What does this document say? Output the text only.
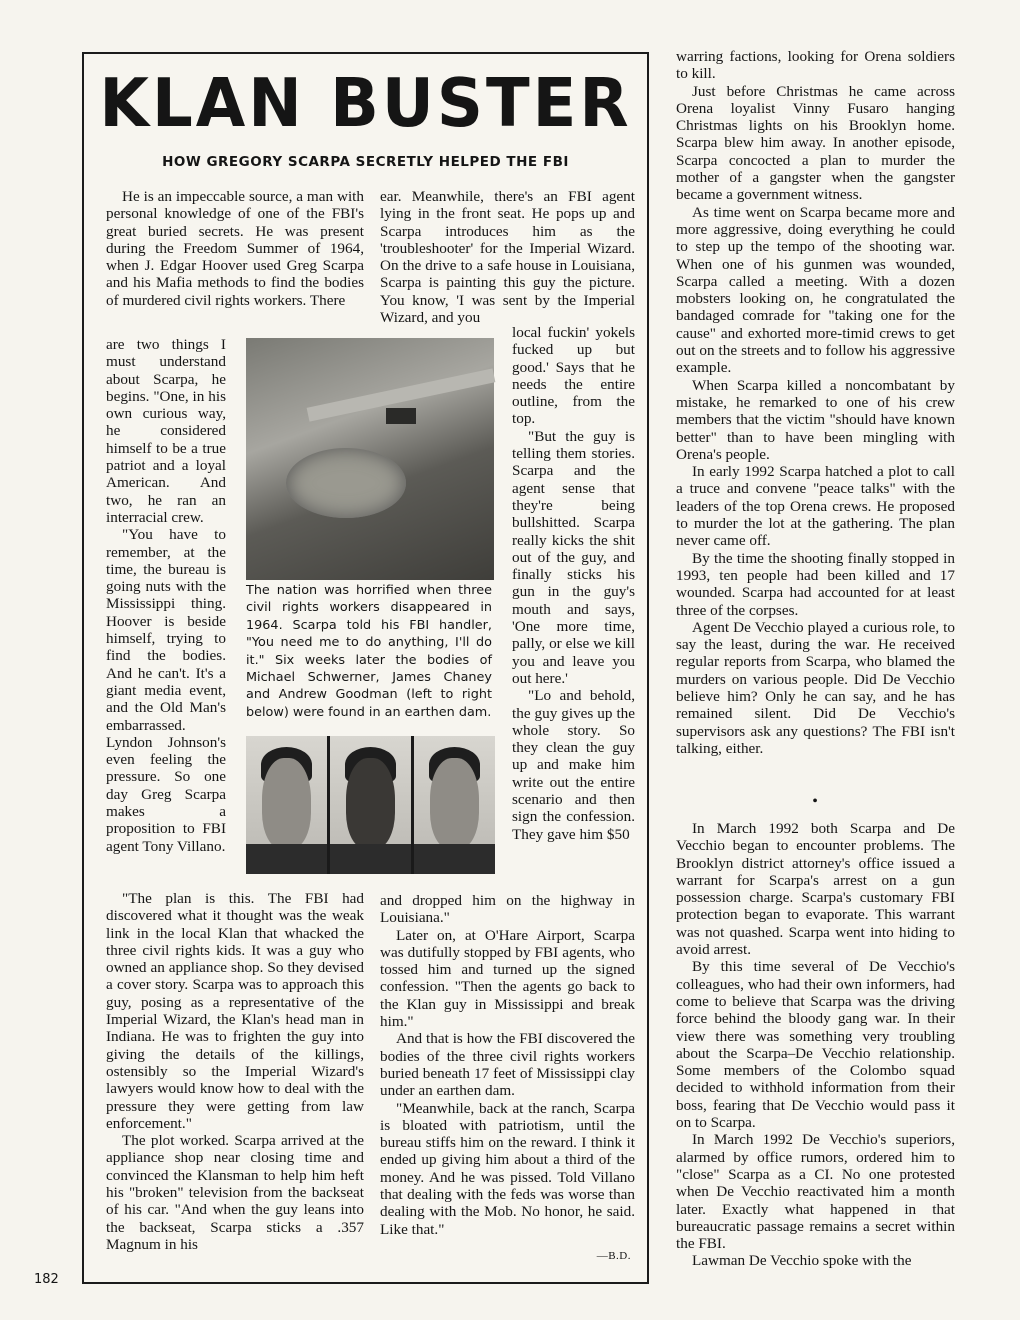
KLAN BUSTER
HOW GREGORY SCARPA SECRETLY HELPED THE FBI

He is an impeccable source, a man with personal knowledge of one of the FBI's great buried secrets. He was present during the Freedom Summer of 1964, when J. Edgar Hoover used Greg Scarpa and his Mafia methods to find the bodies of murdered civil rights workers. There

are two things I must understand about Scarpa, he begins. "One, in his own curious way, he considered himself to be a true patriot and a loyal American. And two, he ran an interracial crew.

"You have to remember, at the time, the bureau is going nuts with the Mississippi thing. Hoover is beside himself, trying to find the bodies. And he can't. It's a giant media event, and the Old Man's embarrassed. Lyndon Johnson's even feeling the pressure. So one day Greg Scarpa makes a proposition to FBI agent Tony Villano.

"The plan is this. The FBI had discovered what it thought was the weak link in the local Klan that whacked the three civil rights kids. It was a guy who owned an appliance shop. So they devised a cover story. Scarpa was to approach this guy, posing as a representative of the Imperial Wizard, the Klan's head man in Indiana. He was to frighten the guy into giving the details of the killings, ostensibly so the Imperial Wizard's lawyers would know how to deal with the pressure they were getting from law enforcement."

The plot worked. Scarpa arrived at the appliance shop near closing time and convinced the Klansman to help him heft his "broken" television from the backseat of his car. "And when the guy leans into the backseat, Scarpa sticks a .357 Magnum in his

ear. Meanwhile, there's an FBI agent lying in the front seat. He pops up and Scarpa introduces him as the 'troubleshooter' for the Imperial Wizard. On the drive to a safe house in Louisiana, Scarpa is painting this guy the picture. You know, 'I was sent by the Imperial Wizard, and you

local fuckin' yokels fucked up but good.' Says that he needs the entire outline, from the top.

"But the guy is telling them stories. Scarpa and the agent sense that they're being bullshitted. Scarpa really kicks the shit out of the guy, and finally sticks his gun in the guy's mouth and says, 'One more time, pally, or else we kill you and leave you out here.'

"Lo and behold, the guy gives up the whole story. So they clean the guy up and make him write out the entire scenario and then sign the confession. They gave him $50

and dropped him on the highway in Louisiana."

Later on, at O'Hare Airport, Scarpa was dutifully stopped by FBI agents, who tossed him and turned up the signed confession. "Then the agents go back to the Klan guy in Mississippi and break him."

And that is how the FBI discovered the bodies of the three civil rights workers buried beneath 17 feet of Mississippi clay under an earthen dam.

"Meanwhile, back at the ranch, Scarpa is bloated with patriotism, until the bureau stiffs him on the reward. I think it ended up giving him about a third of the money. And he was pissed. Told Villano that dealing with the feds was worse than dealing with the Mob. No honor, he said. Like that."

—B.D.
The nation was horrified when three civil rights workers disappeared in 1964. Scarpa told his FBI handler, "You need me to do anything, I'll do it." Six weeks later the bodies of Michael Schwerner, James Chaney and Andrew Goodman (left to right below) were found in an earthen dam.

warring factions, looking for Orena soldiers to kill.

Just before Christmas he came across Orena loyalist Vinny Fusaro hanging Christmas lights on his Brooklyn home. Scarpa blew him away. In another episode, Scarpa concocted a plan to murder the mother of a gangster when the gangster became a government witness.

As time went on Scarpa became more and more aggressive, doing everything he could to step up the tempo of the shooting war. When one of his gunmen was wounded, Scarpa called a meeting. With a dozen mobsters looking on, he congratulated the bandaged comrade for "taking one for the cause" and exhorted more-timid crews to get out on the streets and to follow his aggressive example.

When Scarpa killed a noncombatant by mistake, he remarked to one of his crew members that the victim "should have known better" than to have been mingling with Orena's people.

In early 1992 Scarpa hatched a plot to call a truce and convene "peace talks" with the leaders of the top Orena crews. He proposed to murder the lot at the gathering. The plan never came off.

By the time the shooting finally stopped in 1993, ten people had been killed and 17 wounded. Scarpa had accounted for at least three of the corpses.

Agent De Vecchio played a curious role, to say the least, during the war. He received regular reports from Scarpa, who blamed the murders on various people. Did De Vecchio believe him? Only he can say, and he has remained silent. Did De Vecchio's supervisors ask any questions? The FBI isn't talking, either.

•

In March 1992 both Scarpa and De Vecchio began to encounter problems. The Brooklyn district attorney's office issued a warrant for Scarpa's arrest on a gun possession charge. Scarpa's customary FBI protection began to evaporate. This warrant was not quashed. Scarpa went into hiding to avoid arrest.

By this time several of De Vecchio's colleagues, who had their own informers, had come to believe that Scarpa was the driving force behind the bloody gang war. In their view there was something very troubling about the Scarpa–De Vecchio relationship. Some members of the Colombo squad decided to withhold information from their boss, fearing that De Vecchio would pass it on to Scarpa.

In March 1992 De Vecchio's superiors, alarmed by office rumors, ordered him to "close" Scarpa as a CI. No one protested when De Vecchio reactivated him a month later. Exactly what happened in that bureaucratic passage remains a secret within the FBI.

Lawman De Vecchio spoke with the

182
